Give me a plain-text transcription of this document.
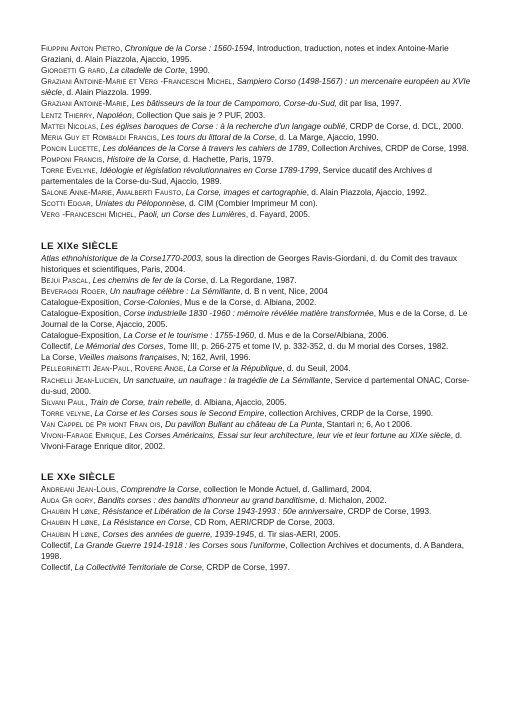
Fiuppini Anton Pietro, Chronique de la Corse : 1560-1594, Introduction, traduction, notes et index Antoine-Marie Graziani, d. Alain Piazzola, Ajaccio, 1995.

Giorgetti G rard, La citadelle de Corte, 1990.

Graziani Antoine-Marie et Verg -Franceschi Michel, Sampiero Corso (1498-1567) : un mercenaire européen au XVIe siècle, d. Alain Piazzola. 1999.

Graziani Antoine-Marie, Les bâtisseurs de la tour de Campomoro, Corse-du-Sud, dit par lisa, 1997.

Lentz Thierry, Napoléon, Collection Que sais je ? PUF, 2003.

Mattei Nicolas, Les églises baroques de Corse : à la recherche d'un langage oublié, CRDP de Corse, d. DCL, 2000.

Meria Guy et Rombaldi Francis, Les tours du littoral de la Corse, d. La Marge, Ajaccio, 1990.

Poncin Lucette, Les doléances de la Corse à travers les cahiers de 1789, Collection Archives, CRDP de Corse, 1998.

Pomponi Francis, Histoire de la Corse, d. Hachette, Paris, 1979.

Torre Evelyne, Idéologie et législation révolutionnaires en Corse 1789-1799, Service ducatif des Archives d partementales de la Corse-du-Sud, Ajaccio, 1989.

Salone Anne-Marie, Amalberti Fausto, La Corse, images et cartographie, d. Alain Piazzola, Ajaccio, 1992.

Scotti Edgar, Uniates du Péloponnèse, d. CIM (Combier Imprimeur M con).

Verg -Franceschi Michel, Paoli, un Corse des Lumières, d. Fayard, 2005.

LE XIXe SIÈCLE

Atlas ethnohistorique de la Corse1770-2003, sous la direction de Georges Ravis-Giordani, d. du Comit des travaux historiques et scientifiques, Paris, 2004.

Bejui Pascal, Les chemins de fer de la Corse, d. La Regordane, 1987.

Beveraggi Roger, Un naufrage célèbre : La Sémillante, d. B n vent, Nice, 2004

Catalogue-Exposition, Corse-Colonies, Mus e de la Corse, d. Albiana, 2002.

Catalogue-Exposition, Corse industrielle 1830 -1960 : mémoire révélée matière transformée, Mus e de la Corse, d. Le Journal de la Corse, Ajaccio, 2005.

Catalogue-Exposition, La Corse et le tourisme : 1755-1960, d. Mus e de la Corse/Albiana, 2006.

Collectif, Le Mémorial des Corses, Tome III, p. 266-275 et tome IV, p. 332-352, d. du M morial des Corses, 1982.

La Corse, Vieilles maisons françaises, N; 162, Avril, 1996.

Pellegrinetti Jean-Paul, Rovere Ange, La Corse et la République, d. du Seuil, 2004.

Rachelli Jean-Lucien, Un sanctuaire, un naufrage : la tragédie de La Sémillante, Service d partemental ONAC, Corse-du-sud, 2000.

Silvani Paul, Train de Corse, train rebelle, d. Albiana, Ajaccio, 2005.

Torre velyne, La Corse et les Corses sous le Second Empire, collection Archives, CRDP de la Corse, 1990.

Van Cappel de Pr mont Fran ois, Du pavillon Bullant au château de La Punta, Stantari n; 6, Ao t 2006.

Vivoni-Farage Enrique, Les Corses Américains, Essai sur leur architecture, leur vie et leur fortune au XIXe siècle, d. Vivoni-Farage Enrique ditor, 2002.

LE XXe SIÈCLE

Andreani Jean-Louis, Comprendre la Corse, collection le Monde Actuel, d. Gallimard, 2004.

Auda Gr gory, Bandits corses : des bandits d'honneur au grand banditisme, d. Michalon, 2002.

Chaubin H løne, Résistance et Libération de la Corse 1943-1993 : 50e anniversaire, CRDP de Corse, 1993.

Chaubin H løne, La Résistance en Corse, CD Rom, AERI/CRDP de Corse, 2003.

Chaubin H løne, Corses des années de guerre, 1939-1945, d. Tir sias-AERI, 2005.

Collectif, La Grande Guerre 1914-1918 : les Corses sous l'uniforme, Collection Archives et documents, d. A Bandera, 1998.

Collectif, La Collectivité Territoriale de Corse, CRDP de Corse, 1997.
